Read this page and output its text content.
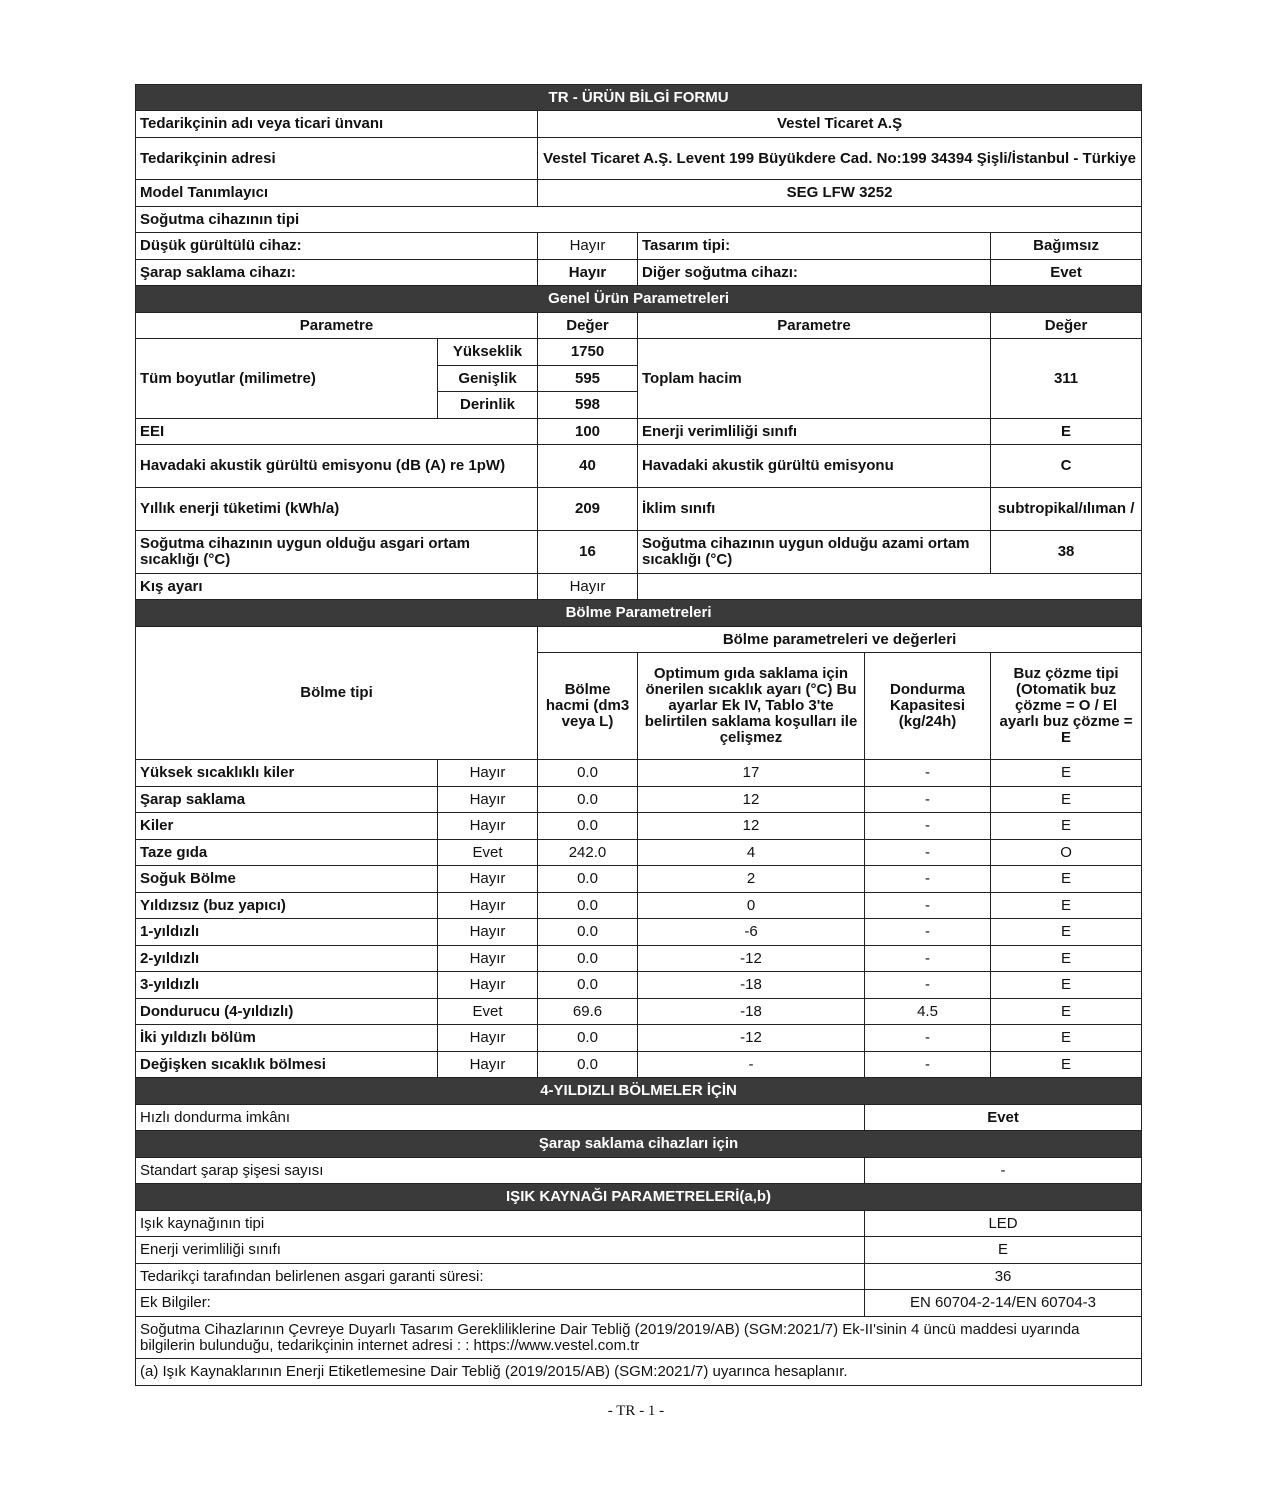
TR - ÜRÜN BİLGİ FORMU					
Tedarikçinin adı veya ticari ünvanı		Vestel Ticaret A.Ş			
Tedarikçinin adresi		Vestel Ticaret A.Ş. Levent 199 Büyükdere Cad. No:199 34394 Şişli/İstanbul - Türkiye			
Model Tanımlayıcı		SEG LFW 3252			
Soğutma cihazının tipi					
Düşük gürültülü cihaz:		Hayır	Tasarım tipi:		Bağımsız
Şarap saklama cihazı:		Hayır	Diğer soğutma cihazı:		Evet
Genel Ürün Parametreleri					
Parametre		Değer	Parametre		Değer
Tüm boyutlar (milimetre)	Yükseklik	1750	Toplam hacim		311
	Genişlik	595			
	Derinlik	598			
EEI		100	Enerji verimliliği sınıfı		E
Havadaki akustik gürültü emisyonu (dB (A) re 1pW)		40	Havadaki akustik gürültü emisyonu		C
Yıllık enerji tüketimi (kWh/a)		209	İklim sınıfı		subtropikal/ılıman /
Soğutma cihazının uygun olduğu asgari ortam sıcaklığı (°C)		16	Soğutma cihazının uygun olduğu azami ortam sıcaklığı (°C)		38
Kış ayarı		Hayır			
Bölme Parametreleri					
Bölme tipi		Bölme parametreleri ve değerleri			
		Bölme hacmi (dm3 veya L)	Optimum gıda saklama için önerilen sıcaklık ayarı (°C) Bu ayarlar Ek IV, Tablo 3'te belirtilen saklama koşulları ile çelişmez	Dondurma Kapasitesi (kg/24h)	Buz çözme tipi (Otomatik buz çözme = O / El ayarlı buz çözme = E
Yüksek sıcaklıklı kiler	Hayır	0.0	17	-	E
Şarap saklama	Hayır	0.0	12	-	E
Kiler	Hayır	0.0	12	-	E
Taze gıda	Evet	242.0	4	-	O
Soğuk Bölme	Hayır	0.0	2	-	E
Yıldızsız (buz yapıcı)	Hayır	0.0	0	-	E
1-yıldızlı	Hayır	0.0	-6	-	E
2-yıldızlı	Hayır	0.0	-12	-	E
3-yıldızlı	Hayır	0.0	-18	-	E
Dondurucu (4-yıldızlı)	Evet	69.6	-18	4.5	E
İki yıldızlı bölüm	Hayır	0.0	-12	-	E
Değişken sıcaklık bölmesi	Hayır	0.0	-	-	E
4-YILDIZLI BÖLMELER İÇİN					
Hızlı dondurma imkânı				Evet	
Şarap saklama cihazları için					
Standart şarap şişesi sayısı				-	
IŞIK KAYNAĞI PARAMETRELERİ(a,b)					
Işık kaynağının tipi				LED	
Enerji verimliliği sınıfı				E	
Tedarikçi tarafından belirlenen asgari garanti süresi:				36	
Ek Bilgiler:				EN 60704-2-14/EN 60704-3	
Soğutma Cihazlarının Çevreye Duyarlı Tasarım Gerekliliklerine Dair Tebliğ (2019/2019/AB) (SGM:2021/7) Ek-II'sinin 4 üncü maddesi uyarında bilgilerin bulunduğu, tedarikçinin internet adresi : : https://www.vestel.com.tr					
(a) Işık Kaynaklarının Enerji Etiketlemesine Dair Tebliğ (2019/2015/AB) (SGM:2021/7) uyarınca hesaplanır.					
- TR - 1 -
